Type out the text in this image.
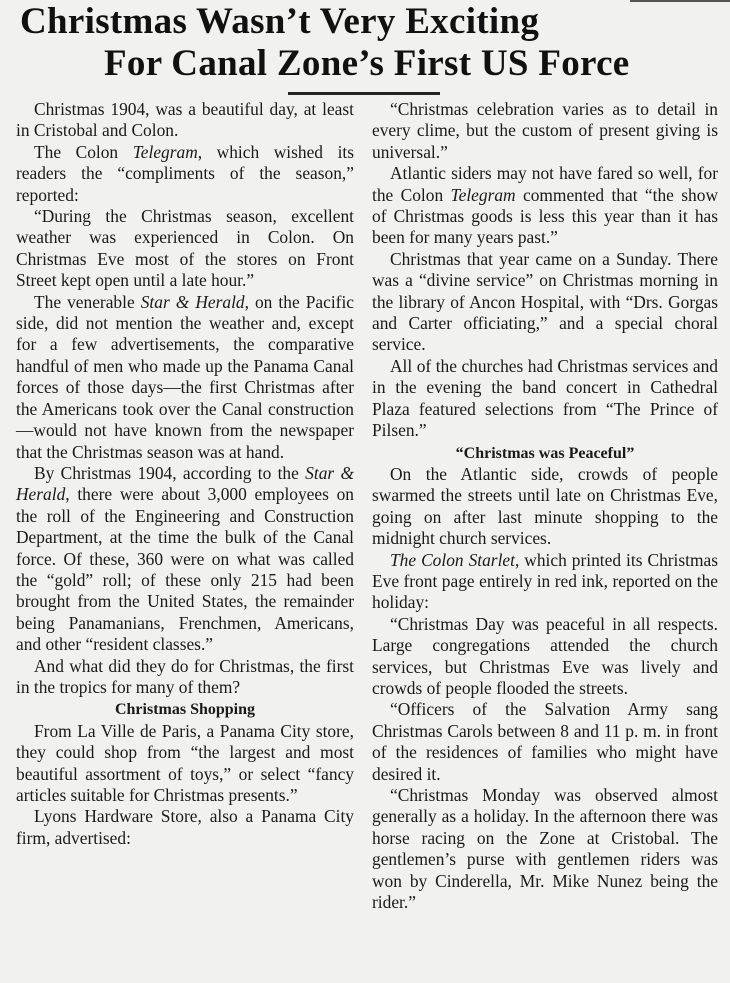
Christmas Wasn’t Very Exciting
For Canal Zone’s First US Force

Christmas 1904, was a beautiful day, at least in Cristobal and Colon.

The Colon Telegram, which wished its readers the “compliments of the season,” reported:

“During the Christmas season, excellent weather was experienced in Colon. On Christmas Eve most of the stores on Front Street kept open until a late hour.”

The venerable Star & Herald, on the Pacific side, did not mention the weather and, except for a few advertisements, the comparative handful of men who made up the Panama Canal forces of those days—the first Christmas after the Americans took over the Canal construction—would not have known from the newspaper that the Christmas season was at hand.

By Christmas 1904, according to the Star & Herald, there were about 3,000 employees on the roll of the Engineering and Construction Department, at the time the bulk of the Canal force. Of these, 360 were on what was called the “gold” roll; of these only 215 had been brought from the United States, the remainder being Panamanians, Frenchmen, Americans, and other “resident classes.”

And what did they do for Christmas, the first in the tropics for many of them?

Christmas Shopping

From La Ville de Paris, a Panama City store, they could shop from “the largest and most beautiful assortment of toys,” or select “fancy articles suitable for Christmas presents.”

Lyons Hardware Store, also a Panama City firm, advertised:

“Christmas celebration varies as to detail in every clime, but the custom of present giving is universal.”

Atlantic siders may not have fared so well, for the Colon Telegram commented that “the show of Christmas goods is less this year than it has been for many years past.”

Christmas that year came on a Sunday. There was a “divine service” on Christmas morning in the library of Ancon Hospital, with “Drs. Gorgas and Carter officiating,” and a special choral service.

All of the churches had Christmas services and in the evening the band concert in Cathedral Plaza featured selections from “The Prince of Pilsen.”

“Christmas was Peaceful”

On the Atlantic side, crowds of people swarmed the streets until late on Christmas Eve, going on after last minute shopping to the midnight church services.

The Colon Starlet, which printed its Christmas Eve front page entirely in red ink, reported on the holiday:

“Christmas Day was peaceful in all respects. Large congregations attended the church services, but Christmas Eve was lively and crowds of people flooded the streets.

“Officers of the Salvation Army sang Christmas Carols between 8 and 11 p. m. in front of the residences of families who might have desired it.

“Christmas Monday was observed almost generally as a holiday. In the afternoon there was horse racing on the Zone at Cristobal. The gentlemen’s purse with gentlemen riders was won by Cinderella, Mr. Mike Nunez being the rider.”
